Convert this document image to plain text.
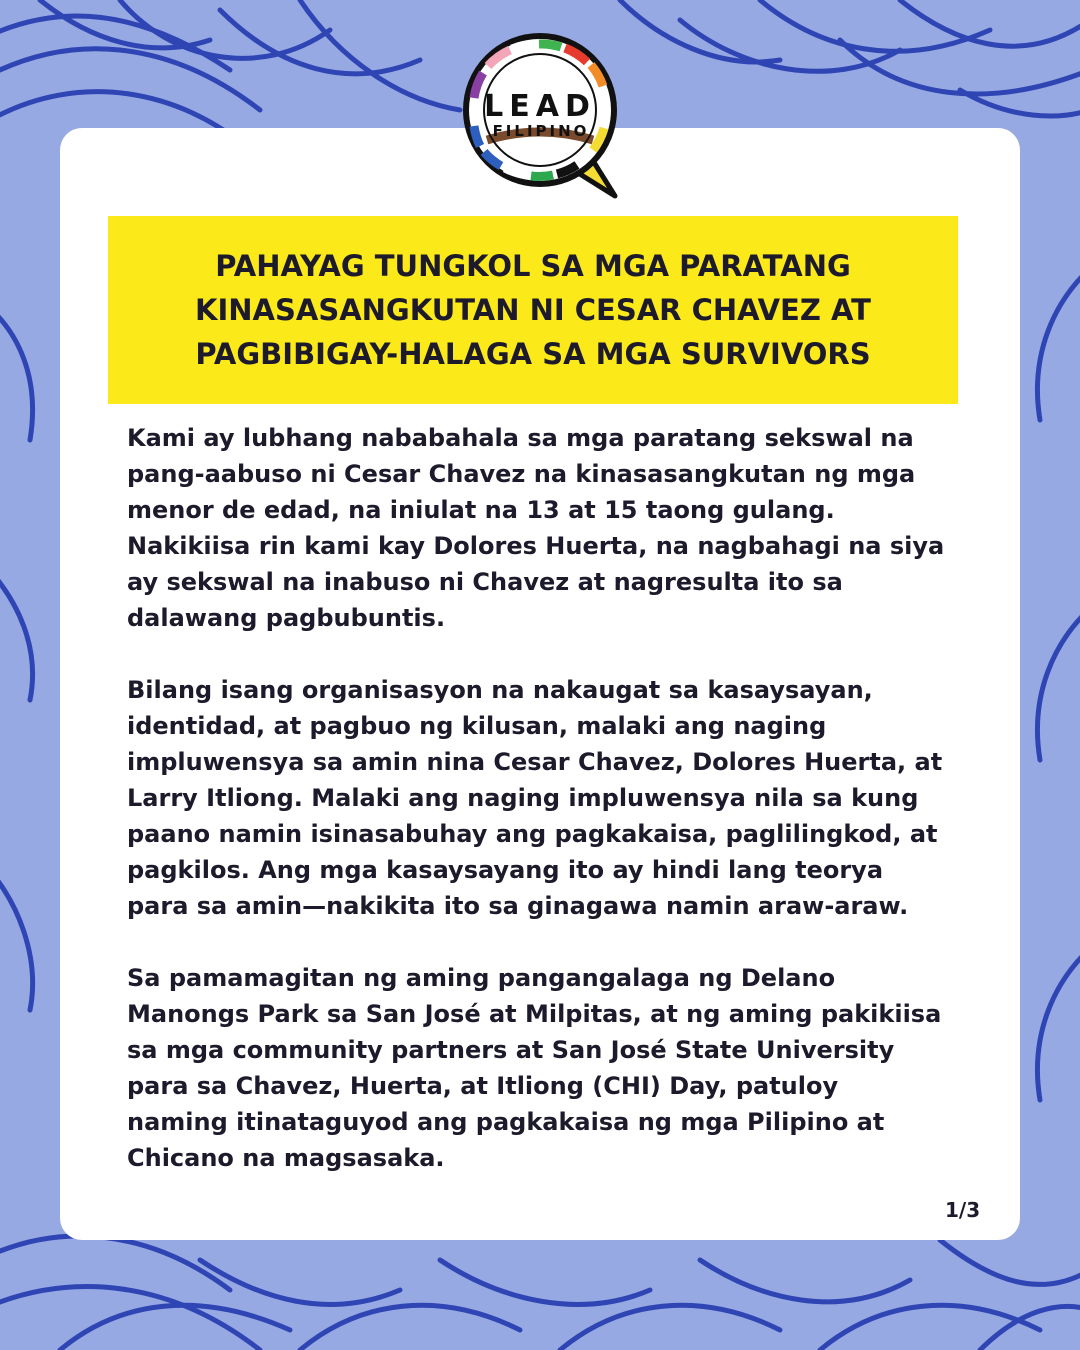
LEAD
FILIPINO
PAHAYAG TUNGKOL SA MGA PARATANG KINASASANGKUTAN NI CESAR CHAVEZ AT PAGBIBIGAY-HALAGA SA MGA SURVIVORS

Kami ay lubhang nababahala sa mga paratang sekswal na pang-aabuso ni Cesar Chavez na kinasasangkutan ng mga menor de edad, na iniulat na 13 at 15 taong gulang. Nakikiisa rin kami kay Dolores Huerta, na nagbahagi na siya ay sekswal na inabuso ni Chavez at nagresulta ito sa dalawang pagbubuntis.

Bilang isang organisasyon na nakaugat sa kasaysayan, identidad, at pagbuo ng kilusan, malaki ang naging impluwensya sa amin nina Cesar Chavez, Dolores Huerta, at Larry Itliong. Malaki ang naging impluwensya nila sa kung paano namin isinasabuhay ang pagkakaisa, paglilingkod, at pagkilos. Ang mga kasaysayang ito ay hindi lang teorya para sa amin—nakikita ito sa ginagawa namin araw-araw.

Sa pamamagitan ng aming pangangalaga ng Delano Manongs Park sa San José at Milpitas, at ng aming pakikiisa sa mga community partners at San José State University para sa Chavez, Huerta, at Itliong (CHI) Day, patuloy naming itinataguyod ang pagkakaisa ng mga Pilipino at Chicano na magsasaka.

1/3
